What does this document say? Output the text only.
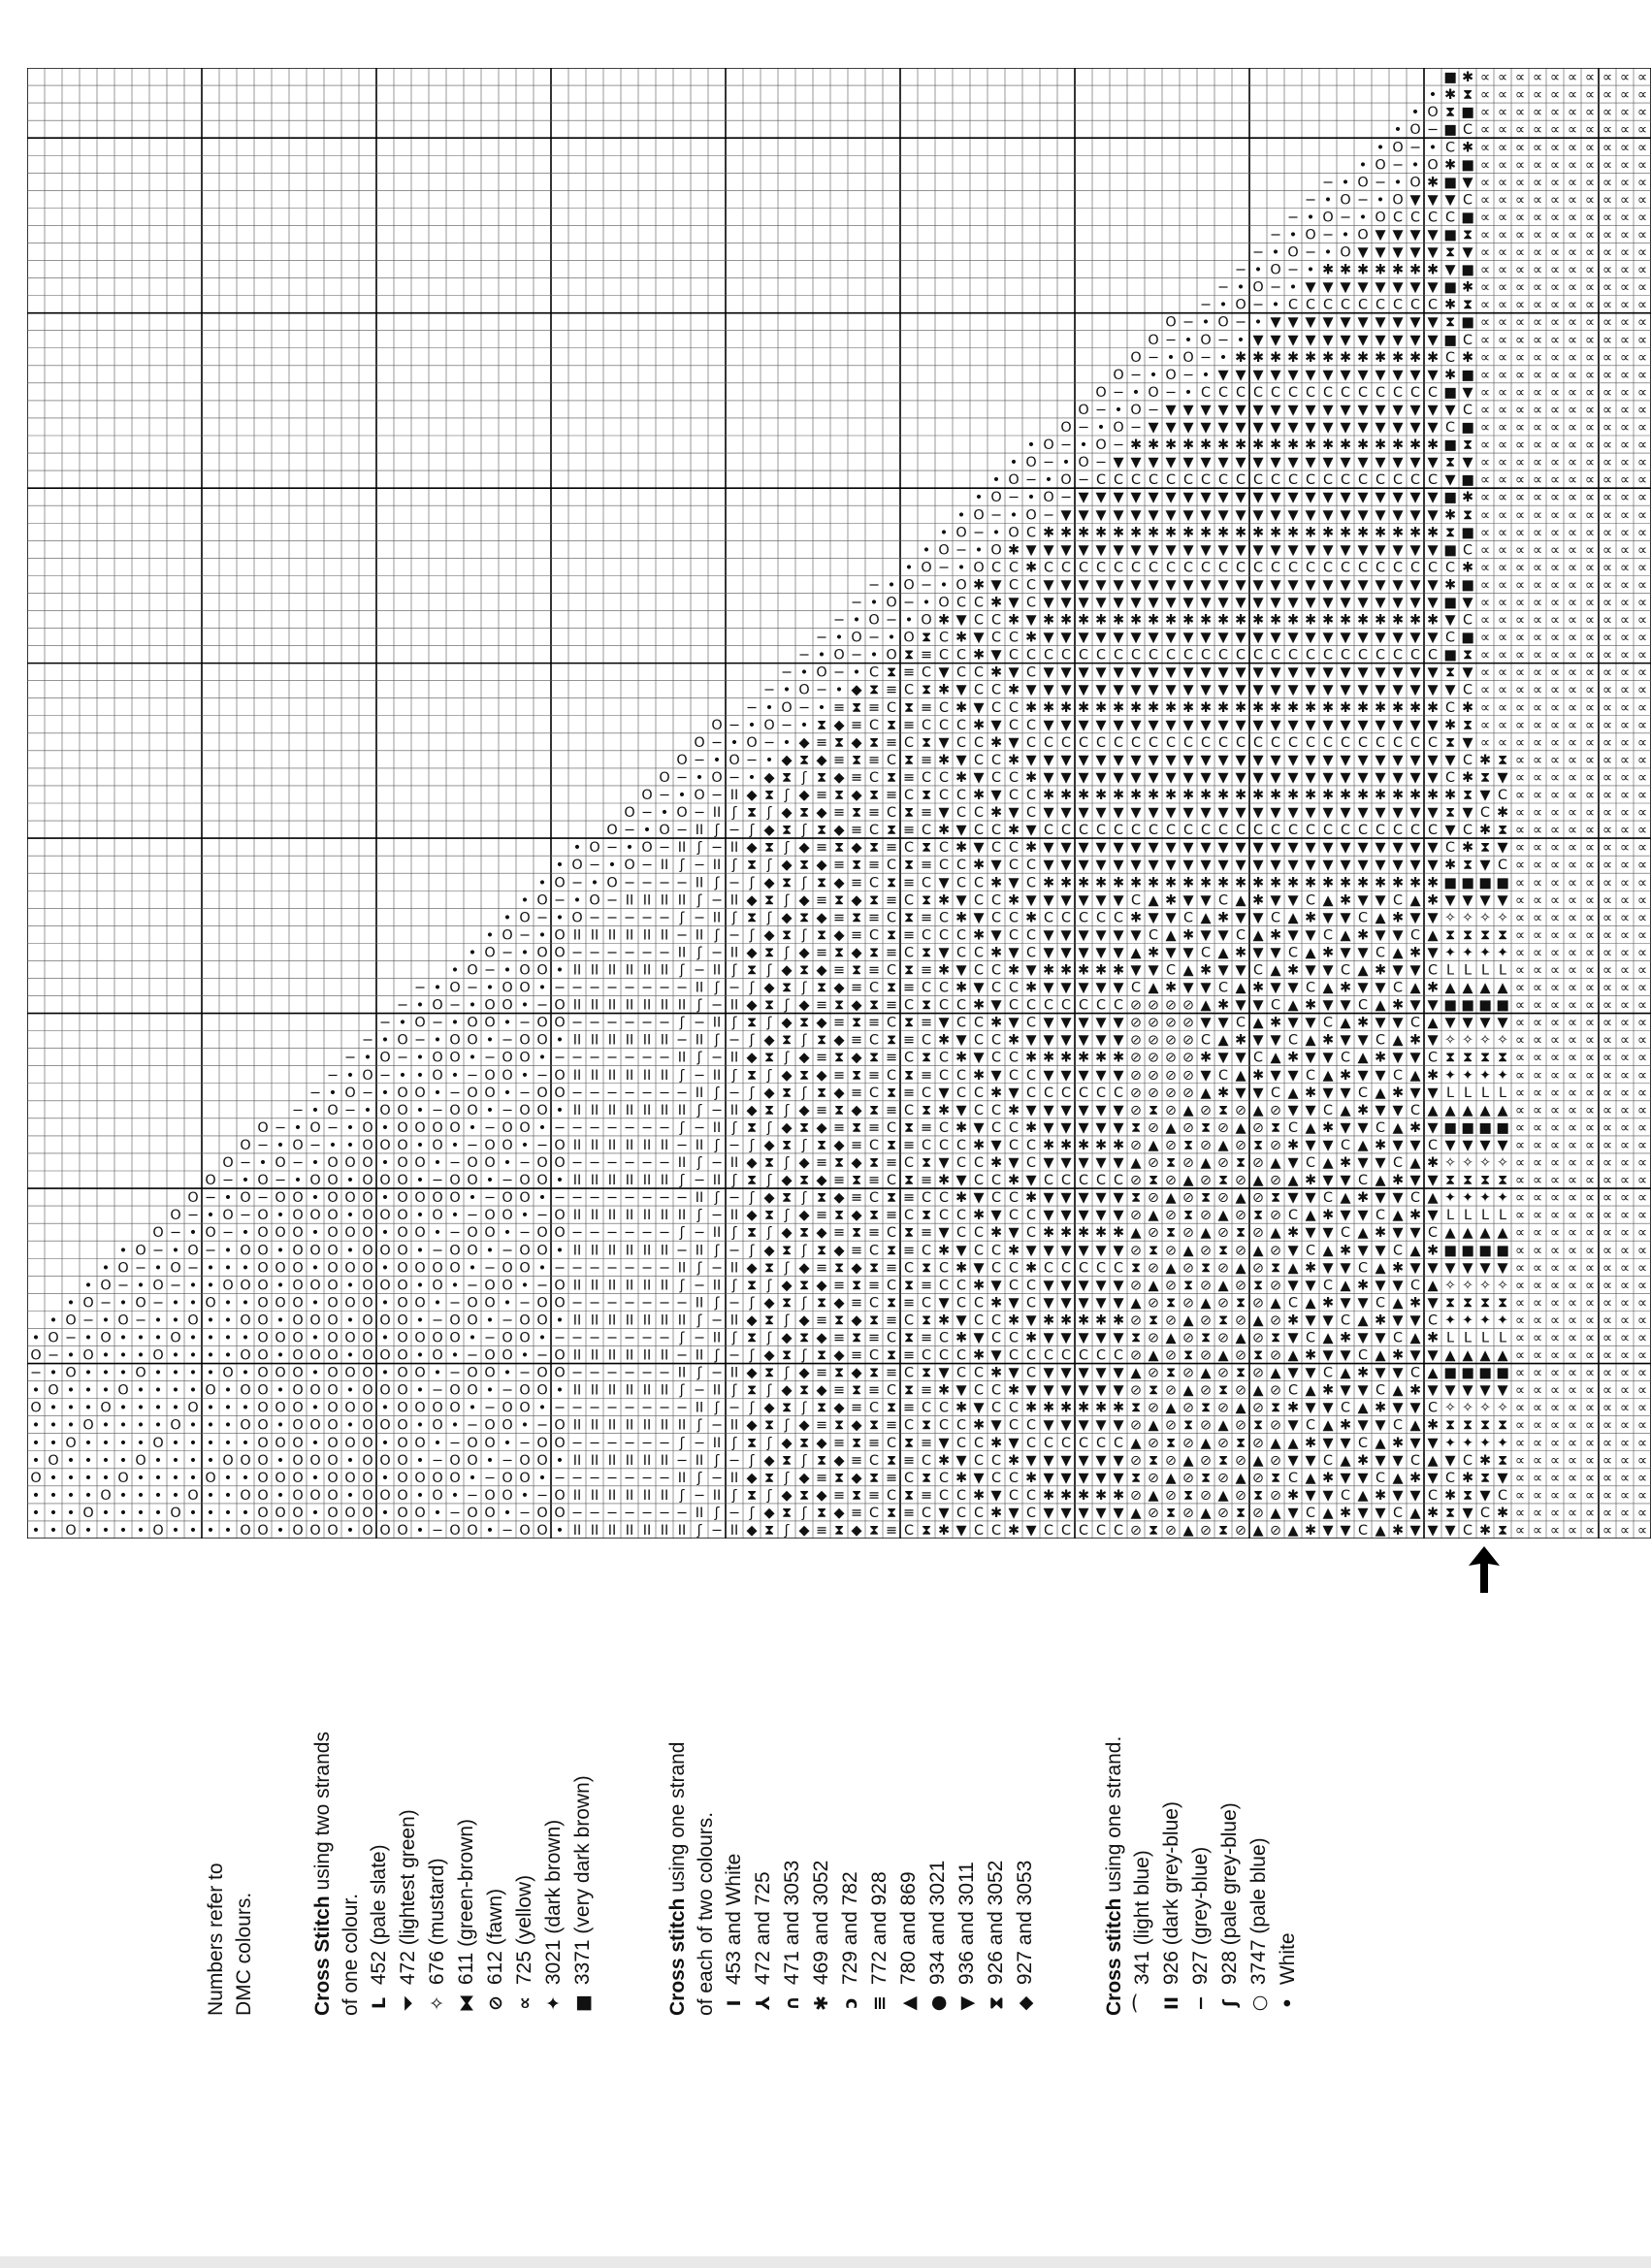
■ ✱ ∝ ∝ ∝ ∝ ∝ ∝ ∝ ∝ ∝ ∝
• ✱ ⧗ ∝ ∝ ∝ ∝ ∝ ∝ ∝ ∝ ∝ ∝
• O ⧗ ■ ∝ ∝ ∝ ∝ ∝ ∝ ∝ ∝ ∝ ∝
• O − ■ C ∝ ∝ ∝ ∝ ∝ ∝ ∝ ∝ ∝ ∝
• O − • C ✱ ∝ ∝ ∝ ∝ ∝ ∝ ∝ ∝ ∝ ∝
• O − • O ✱ ■ ∝ ∝ ∝ ∝ ∝ ∝ ∝ ∝ ∝ ∝
− • O − • O ✱ ■ ▼ ∝ ∝ ∝ ∝ ∝ ∝ ∝ ∝ ∝ ∝
− • O − • O ▼ ▼ ▼ C ∝ ∝ ∝ ∝ ∝ ∝ ∝ ∝ ∝ ∝
− • O − • O C C C C ■ ∝ ∝ ∝ ∝ ∝ ∝ ∝ ∝ ∝ ∝
− • O − • O ▼ ▼ ▼ ▼ ■ ⧗ ∝ ∝ ∝ ∝ ∝ ∝ ∝ ∝ ∝ ∝
− • O − • O ▼ ▼ ▼ ▼ ▼ ⧗ ▼ ∝ ∝ ∝ ∝ ∝ ∝ ∝ ∝ ∝ ∝
− • O − • ✱ ✱ ✱ ✱ ✱ ✱ ✱ ▼ ■ ∝ ∝ ∝ ∝ ∝ ∝ ∝ ∝ ∝ ∝
− • O − • ▼ ▼ ▼ ▼ ▼ ▼ ▼ ▼ ■ ✱ ∝ ∝ ∝ ∝ ∝ ∝ ∝ ∝ ∝ ∝
− • O − • C C C C C C C C C ✱ ⧗ ∝ ∝ ∝ ∝ ∝ ∝ ∝ ∝ ∝ ∝
O − • O − • ▼ ▼ ▼ ▼ ▼ ▼ ▼ ▼ ▼ ▼ ⧗ ■ ∝ ∝ ∝ ∝ ∝ ∝ ∝ ∝ ∝ ∝
O − • O − • ▼ ▼ ▼ ▼ ▼ ▼ ▼ ▼ ▼ ▼ ▼ ■ C ∝ ∝ ∝ ∝ ∝ ∝ ∝ ∝ ∝ ∝
O − • O − • ✱ ✱ ✱ ✱ ✱ ✱ ✱ ✱ ✱ ✱ ✱ ✱ C ✱ ∝ ∝ ∝ ∝ ∝ ∝ ∝ ∝ ∝ ∝
O − • O − • ▼ ▼ ▼ ▼ ▼ ▼ ▼ ▼ ▼ ▼ ▼ ▼ ▼ ✱ ■ ∝ ∝ ∝ ∝ ∝ ∝ ∝ ∝ ∝ ∝
O − • O − • C C C C C C C C C C C C C C ■ ▼ ∝ ∝ ∝ ∝ ∝ ∝ ∝ ∝ ∝ ∝
O − • O − ▼ ▼ ▼ ▼ ▼ ▼ ▼ ▼ ▼ ▼ ▼ ▼ ▼ ▼ ▼ ▼ ▼ C ∝ ∝ ∝ ∝ ∝ ∝ ∝ ∝ ∝ ∝
O − • O − ▼ ▼ ▼ ▼ ▼ ▼ ▼ ▼ ▼ ▼ ▼ ▼ ▼ ▼ ▼ ▼ ▼ C ■ ∝ ∝ ∝ ∝ ∝ ∝ ∝ ∝ ∝ ∝
• O − • O − ✱ ✱ ✱ ✱ ✱ ✱ ✱ ✱ ✱ ✱ ✱ ✱ ✱ ✱ ✱ ✱ ✱ ✱ ■ ⧗ ∝ ∝ ∝ ∝ ∝ ∝ ∝ ∝ ∝ ∝
• O − • O − ▼ ▼ ▼ ▼ ▼ ▼ ▼ ▼ ▼ ▼ ▼ ▼ ▼ ▼ ▼ ▼ ▼ ▼ ▼ ⧗ ▼ ∝ ∝ ∝ ∝ ∝ ∝ ∝ ∝ ∝ ∝
• O − • O − C C C C C C C C C C C C C C C C C C C C ▼ ■ ∝ ∝ ∝ ∝ ∝ ∝ ∝ ∝ ∝ ∝
• O − • O − ▼ ▼ ▼ ▼ ▼ ▼ ▼ ▼ ▼ ▼ ▼ ▼ ▼ ▼ ▼ ▼ ▼ ▼ ▼ ▼ ▼ ■ ✱ ∝ ∝ ∝ ∝ ∝ ∝ ∝ ∝ ∝ ∝
• O − • O − ▼ ▼ ▼ ▼ ▼ ▼ ▼ ▼ ▼ ▼ ▼ ▼ ▼ ▼ ▼ ▼ ▼ ▼ ▼ ▼ ▼ ▼ ✱ ⧗ ∝ ∝ ∝ ∝ ∝ ∝ ∝ ∝ ∝ ∝
• O − • O C ✱ ✱ ✱ ✱ ✱ ✱ ✱ ✱ ✱ ✱ ✱ ✱ ✱ ✱ ✱ ✱ ✱ ✱ ✱ ✱ ✱ ✱ ✱ ⧗ ■ ∝ ∝ ∝ ∝ ∝ ∝ ∝ ∝ ∝ ∝
• O − • O ✱ ▼ ▼ ▼ ▼ ▼ ▼ ▼ ▼ ▼ ▼ ▼ ▼ ▼ ▼ ▼ ▼ ▼ ▼ ▼ ▼ ▼ ▼ ▼ ▼ ■ C ∝ ∝ ∝ ∝ ∝ ∝ ∝ ∝ ∝ ∝
• O − • O C C ✱ C C C C C C C C C C C C C C C C C C C C C C C C ✱ ∝ ∝ ∝ ∝ ∝ ∝ ∝ ∝ ∝ ∝
− • O − • O ✱ ▼ C C ▼ ▼ ▼ ▼ ▼ ▼ ▼ ▼ ▼ ▼ ▼ ▼ ▼ ▼ ▼ ▼ ▼ ▼ ▼ ▼ ▼ ▼ ▼ ✱ ■ ∝ ∝ ∝ ∝ ∝ ∝ ∝ ∝ ∝ ∝
− • O − • O C C ✱ ▼ C ▼ ▼ ▼ ▼ ▼ ▼ ▼ ▼ ▼ ▼ ▼ ▼ ▼ ▼ ▼ ▼ ▼ ▼ ▼ ▼ ▼ ▼ ▼ ■ ▼ ∝ ∝ ∝ ∝ ∝ ∝ ∝ ∝ ∝ ∝
− • O − • O ✱ ▼ C C ✱ ▼ ✱ ✱ ✱ ✱ ✱ ✱ ✱ ✱ ✱ ✱ ✱ ✱ ✱ ✱ ✱ ✱ ✱ ✱ ✱ ✱ ✱ ✱ ✱ ▼ C ∝ ∝ ∝ ∝ ∝ ∝ ∝ ∝ ∝ ∝
− • O − • O ⧗ C ✱ ▼ C C ✱ ▼ ▼ ▼ ▼ ▼ ▼ ▼ ▼ ▼ ▼ ▼ ▼ ▼ ▼ ▼ ▼ ▼ ▼ ▼ ▼ ▼ ▼ ▼ C ■ ∝ ∝ ∝ ∝ ∝ ∝ ∝ ∝ ∝ ∝
− • O − • O ⧗ ≡ C C ✱ ▼ C C C C C C C C C C C C C C C C C C C C C C C C C ■ ⧗ ∝ ∝ ∝ ∝ ∝ ∝ ∝ ∝ ∝ ∝
− • O − • C ⧗ ≡ C ▼ C C ✱ ▼ C ▼ ▼ ▼ ▼ ▼ ▼ ▼ ▼ ▼ ▼ ▼ ▼ ▼ ▼ ▼ ▼ ▼ ▼ ▼ ▼ ▼ ▼ ▼ ⧗ ▼ ∝ ∝ ∝ ∝ ∝ ∝ ∝ ∝ ∝ ∝
− • O − • ◆ ⧗ ≡ C ⧗ ✱ ▼ C C ✱ ▼ ▼ ▼ ▼ ▼ ▼ ▼ ▼ ▼ ▼ ▼ ▼ ▼ ▼ ▼ ▼ ▼ ▼ ▼ ▼ ▼ ▼ ▼ ▼ ▼ C ∝ ∝ ∝ ∝ ∝ ∝ ∝ ∝ ∝ ∝
− • O − • ≡ ⧗ ≡ C ⧗ ≡ C ✱ ▼ C C ✱ ✱ ✱ ✱ ✱ ✱ ✱ ✱ ✱ ✱ ✱ ✱ ✱ ✱ ✱ ✱ ✱ ✱ ✱ ✱ ✱ ✱ ✱ ✱ C ✱ ∝ ∝ ∝ ∝ ∝ ∝ ∝ ∝ ∝ ∝
O − • O − • ⧗ ◆ ≡ C ⧗ ≡ C C C ✱ ▼ C C ▼ ▼ ▼ ▼ ▼ ▼ ▼ ▼ ▼ ▼ ▼ ▼ ▼ ▼ ▼ ▼ ▼ ▼ ▼ ▼ ▼ ▼ ▼ ✱ ⧗ ∝ ∝ ∝ ∝ ∝ ∝ ∝ ∝ ∝ ∝
O − • O − • ◆ ≡ ⧗ ◆ ⧗ ≡ C ⧗ ▼ C C ✱ ▼ C C C C C C C C C C C C C C C C C C C C C C C C ⧗ ▼ ∝ ∝ ∝ ∝ ∝ ∝ ∝ ∝ ∝ ∝
O − • O − • ◆ ⧗ ◆ ≡ ⧗ ≡ C ⧗ ≡ ✱ ▼ C C ✱ ▼ ▼ ▼ ▼ ▼ ▼ ▼ ▼ ▼ ▼ ▼ ▼ ▼ ▼ ▼ ▼ ▼ ▼ ▼ ▼ ▼ ▼ ▼ ▼ ▼ C ✱ ⧗ ∝ ∝ ∝ ∝ ∝ ∝ ∝ ∝
O − • O − • ◆ ⧗ ʃ ⧗ ◆ ≡ C ⧗ ≡ C C ✱ ▼ C C ✱ ▼ ▼ ▼ ▼ ▼ ▼ ▼ ▼ ▼ ▼ ▼ ▼ ▼ ▼ ▼ ▼ ▼ ▼ ▼ ▼ ▼ ▼ ▼ C ✱ ⧗ ▼ ∝ ∝ ∝ ∝ ∝ ∝ ∝ ∝
O − • O − II ◆ ⧗ ʃ ◆ ≡ ⧗ ◆ ⧗ ≡ C ⧗ C C ✱ ▼ C C ✱ ✱ ✱ ✱ ✱ ✱ ✱ ✱ ✱ ✱ ✱ ✱ ✱ ✱ ✱ ✱ ✱ ✱ ✱ ✱ ✱ ✱ ✱ ✱ ⧗ ▼ C ∝ ∝ ∝ ∝ ∝ ∝ ∝ ∝
O − • O − II ʃ ⧗ ʃ ◆ ⧗ ◆ ≡ ⧗ ≡ C ⧗ ≡ ▼ C C ✱ ▼ C ▼ ▼ ▼ ▼ ▼ ▼ ▼ ▼ ▼ ▼ ▼ ▼ ▼ ▼ ▼ ▼ ▼ ▼ ▼ ▼ ▼ ▼ ▼ ⧗ ▼ C ✱ ∝ ∝ ∝ ∝ ∝ ∝ ∝ ∝
O − • O − II ʃ − ʃ ◆ ⧗ ʃ ⧗ ◆ ≡ C ⧗ ≡ C ✱ ▼ C C ✱ ▼ C C C C C C C C C C C C C C C C C C C C C C C ▼ C ✱ ⧗ ∝ ∝ ∝ ∝ ∝ ∝ ∝ ∝
• O − • O − II ʃ − II ◆ ⧗ ʃ ◆ ≡ ⧗ ◆ ⧗ ≡ C ⧗ C ✱ ▼ C C ✱ ▼ ▼ ▼ ▼ ▼ ▼ ▼ ▼ ▼ ▼ ▼ ▼ ▼ ▼ ▼ ▼ ▼ ▼ ▼ ▼ ▼ ▼ ▼ C ✱ ⧗ ▼ ∝ ∝ ∝ ∝ ∝ ∝ ∝ ∝
• O − • O − II ʃ − II ʃ ⧗ ʃ ◆ ⧗ ◆ ≡ ⧗ ≡ C ⧗ ≡ C C ✱ ▼ C C ▼ ▼ ▼ ▼ ▼ ▼ ▼ ▼ ▼ ▼ ▼ ▼ ▼ ▼ ▼ ▼ ▼ ▼ ▼ ▼ ▼ ▼ ▼ ✱ ⧗ ▼ C ∝ ∝ ∝ ∝ ∝ ∝ ∝ ∝
• O − • O − − − − II ʃ − ʃ ◆ ⧗ ʃ ⧗ ◆ ≡ C ⧗ ≡ C ▼ C C ✱ ▼ C ✱ ✱ ✱ ✱ ✱ ✱ ✱ ✱ ✱ ✱ ✱ ✱ ✱ ✱ ✱ ✱ ✱ ✱ ✱ ✱ ✱ ✱ ✱ ■ ■ ■ ■ ∝ ∝ ∝ ∝ ∝ ∝ ∝ ∝
• O − • O − II II II II ʃ − II ◆ ⧗ ʃ ◆ ≡ ⧗ ◆ ⧗ ≡ C ⧗ ✱ ▼ C C ✱ ▼ ▼ ▼ ▼ ▼ ▼ C ▲ ✱ ▼ ▼ C ▲ ✱ ▼ ▼ C ▲ ✱ ▼ ▼ C ▲ ✱ ▼ ▼ ▼ ▼ ∝ ∝ ∝ ∝ ∝ ∝ ∝ ∝
• O − • O − − − − − ʃ − II ʃ ⧗ ʃ ◆ ⧗ ◆ ≡ ⧗ ≡ C ⧗ ≡ C ✱ ▼ C C ✱ C C C C C ✱ ▼ ▼ C ▲ ✱ ▼ ▼ C ▲ ✱ ▼ ▼ C ▲ ✱ ▼ ▼ ✧ ✧ ✧ ✧ ∝ ∝ ∝ ∝ ∝ ∝ ∝ ∝
• O − • O II II II II II II − II ʃ − ʃ ◆ ⧗ ʃ ⧗ ◆ ≡ C ⧗ ≡ C C C ✱ ▼ C C ▼ ▼ ▼ ▼ ▼ ▼ C ▲ ✱ ▼ ▼ C ▲ ✱ ▼ ▼ C ▲ ✱ ▼ ▼ C ▲ ⧗ ⧗ ⧗ ⧗ ∝ ∝ ∝ ∝ ∝ ∝ ∝ ∝
• O − • O O − − − − − − II ʃ − II ◆ ⧗ ʃ ◆ ≡ ⧗ ◆ ⧗ ≡ C ⧗ ▼ C C ✱ ▼ C ▼ ▼ ▼ ▼ ▼ ▲ ✱ ▼ ▼ C ▲ ✱ ▼ ▼ C ▲ ✱ ▼ ▼ C ▲ ✱ ▼ ✦ ✦ ✦ ✦ ∝ ∝ ∝ ∝ ∝ ∝ ∝ ∝
• O − • O O • II II II II II II ʃ − II ʃ ⧗ ʃ ◆ ⧗ ◆ ≡ ⧗ ≡ C ⧗ ≡ ✱ ▼ C C ✱ ▼ ✱ ✱ ✱ ✱ ✱ ▼ ▼ C ▲ ✱ ▼ ▼ C ▲ ✱ ▼ ▼ C ▲ ✱ ▼ ▼ C L L L L ∝ ∝ ∝ ∝ ∝ ∝ ∝ ∝
− • O − • O O • − − − − − − − − II ʃ − ʃ ◆ ⧗ ʃ ⧗ ◆ ≡ C ⧗ ≡ C C ✱ ▼ C C ✱ ▼ ▼ ▼ ▼ ▼ C ▲ ✱ ▼ ▼ C ▲ ✱ ▼ ▼ C ▲ ✱ ▼ ▼ C ▲ ✱ ▲ ▲ ▲ ▲ ∝ ∝ ∝ ∝ ∝ ∝ ∝ ∝
− • O − • O O • − O II II II II II II II ʃ − II ◆ ⧗ ʃ ◆ ≡ ⧗ ◆ ⧗ ≡ C ⧗ C C ✱ ▼ C C C C C C C ⊘ ⊘ ⊘ ⊘ ▲ ✱ ▼ ▼ C ▲ ✱ ▼ ▼ C ▲ ✱ ▼ ▼ ■ ■ ■ ■ ∝ ∝ ∝ ∝ ∝ ∝ ∝ ∝
− • O − • O O • − O O − − − − − − ʃ − II ʃ ⧗ ʃ ◆ ⧗ ◆ ≡ ⧗ ≡ C ⧗ ≡ ▼ C C ✱ ▼ C ▼ ▼ ▼ ▼ ▼ ⊘ ⊘ ⊘ ⊘ ▼ ▼ C ▲ ✱ ▼ ▼ C ▲ ✱ ▼ ▼ C ▲ ▼ ▼ ▼ ▼ ∝ ∝ ∝ ∝ ∝ ∝ ∝ ∝
− • O − • O O • − O O • II II II II II II − II ʃ − ʃ ◆ ⧗ ʃ ⧗ ◆ ≡ C ⧗ ≡ C ✱ ▼ C C ✱ ▼ ▼ ▼ ▼ ▼ ▼ ⊘ ⊘ ⊘ ⊘ C ▲ ✱ ▼ ▼ C ▲ ✱ ▼ ▼ C ▲ ✱ ▼ ✧ ✧ ✧ ✧ ∝ ∝ ∝ ∝ ∝ ∝ ∝ ∝
− • O − • O O • − O O • − − − − − − − II ʃ − II ◆ ⧗ ʃ ◆ ≡ ⧗ ◆ ⧗ ≡ C ⧗ C ✱ ▼ C C ✱ ✱ ✱ ✱ ✱ ✱ ⊘ ⊘ ⊘ ⊘ ✱ ▼ ▼ C ▲ ✱ ▼ ▼ C ▲ ✱ ▼ ▼ C ⧗ ⧗ ⧗ ⧗ ∝ ∝ ∝ ∝ ∝ ∝ ∝ ∝
− • O − • • O • − O O • − O II II II II II II ʃ − II ʃ ⧗ ʃ ◆ ⧗ ◆ ≡ ⧗ ≡ C ⧗ ≡ C C ✱ ▼ C C ▼ ▼ ▼ ▼ ▼ ⊘ ⊘ ⊘ ⊘ ▼ C ▲ ✱ ▼ ▼ C ▲ ✱ ▼ ▼ C ▲ ✱ ✦ ✦ ✦ ✦ ∝ ∝ ∝ ∝ ∝ ∝ ∝ ∝
− • O − • O O • − O O • − O O − − − − − − − II ʃ − ʃ ◆ ⧗ ʃ ⧗ ◆ ≡ C ⧗ ≡ C ▼ C C ✱ ▼ C C C C C C ⊘ ⊘ ⊘ ⊘ ▲ ✱ ▼ ▼ C ▲ ✱ ▼ ▼ C ▲ ✱ ▼ ▼ L L L L ∝ ∝ ∝ ∝ ∝ ∝ ∝ ∝
− • O − • O O • − O O • − O O • II II II II II II II ʃ − II ◆ ⧗ ʃ ◆ ≡ ⧗ ◆ ⧗ ≡ C ⧗ ✱ ▼ C C ✱ ▼ ▼ ▼ ▼ ▼ ▼ ⊘ ⧗ ⊘ ▲ ⊘ ⧗ ⊘ ▲ ⊘ ▼ ▼ C ▲ ✱ ▼ ▼ C ▲ ▲ ▲ ▲ ▲ ∝ ∝ ∝ ∝ ∝ ∝ ∝ ∝
O − • O − • O • O O O O • − O O • − − − − − − − ʃ − II ʃ ⧗ ʃ ◆ ⧗ ◆ ≡ ⧗ ≡ C ⧗ ≡ C ✱ ▼ C C ✱ ▼ ▼ ▼ ▼ ▼ ⧗ ⊘ ▲ ⊘ ⧗ ⊘ ▲ ⊘ ⧗ C ▲ ✱ ▼ ▼ C ▲ ✱ ▼ ■ ■ ■ ■ ∝ ∝ ∝ ∝ ∝ ∝ ∝ ∝
O − • O − • • O O O • O • − O O • − O II II II II II II − II ʃ − ʃ ◆ ⧗ ʃ ⧗ ◆ ≡ C ⧗ ≡ C C C ✱ ▼ C C ✱ ✱ ✱ ✱ ✱ ⊘ ▲ ⊘ ⧗ ⊘ ▲ ⊘ ⧗ ⊘ ✱ ▼ ▼ C ▲ ✱ ▼ ▼ C ▼ ▼ ▼ ▼ ∝ ∝ ∝ ∝ ∝ ∝ ∝ ∝
O − • O − • O O O • O O • − O O • − O O − − − − − − II ʃ − II ◆ ⧗ ʃ ◆ ≡ ⧗ ◆ ⧗ ≡ C ⧗ ▼ C C ✱ ▼ C ▼ ▼ ▼ ▼ ▼ ▲ ⊘ ⧗ ⊘ ▲ ⊘ ⧗ ⊘ ▲ ▼ C ▲ ✱ ▼ ▼ C ▲ ✱ ✧ ✧ ✧ ✧ ∝ ∝ ∝ ∝ ∝ ∝ ∝ ∝
O − • O − • O O • O O O • − O O • − O O • II II II II II II ʃ − II ʃ ⧗ ʃ ◆ ⧗ ◆ ≡ ⧗ ≡ C ⧗ ≡ ✱ ▼ C C ✱ ▼ C C C C C ⊘ ⧗ ⊘ ▲ ⊘ ⧗ ⊘ ▲ ⊘ ▲ ✱ ▼ ▼ C ▲ ✱ ▼ ▼ ⧗ ⧗ ⧗ ⧗ ∝ ∝ ∝ ∝ ∝ ∝ ∝ ∝
O − • O − O O • O O O • O O O O • − O O • − − − − − − − − II ʃ − ʃ ◆ ⧗ ʃ ⧗ ◆ ≡ C ⧗ ≡ C C ✱ ▼ C C ✱ ▼ ▼ ▼ ▼ ▼ ⧗ ⊘ ▲ ⊘ ⧗ ⊘ ▲ ⊘ ⧗ ▼ ▼ C ▲ ✱ ▼ ▼ C ▲ ✦ ✦ ✦ ✦ ∝ ∝ ∝ ∝ ∝ ∝ ∝ ∝
O − • O − O • O O O • O O O • O • − O O • − O II II II II II II II ʃ − II ◆ ⧗ ʃ ◆ ≡ ⧗ ◆ ⧗ ≡ C ⧗ C C ✱ ▼ C C ▼ ▼ ▼ ▼ ▼ ⊘ ▲ ⊘ ⧗ ⊘ ▲ ⊘ ⧗ ⊘ C ▲ ✱ ▼ ▼ C ▲ ✱ ▼ L L L L ∝ ∝ ∝ ∝ ∝ ∝ ∝ ∝
O − • O − • O O O • O O O • O O • − O O • − O O − − − − − − ʃ − II ʃ ⧗ ʃ ◆ ⧗ ◆ ≡ ⧗ ≡ C ⧗ ≡ ▼ C C ✱ ▼ C ✱ ✱ ✱ ✱ ✱ ▲ ⊘ ⧗ ⊘ ▲ ⊘ ⧗ ⊘ ▲ ✱ ▼ ▼ C ▲ ✱ ▼ ▼ C ▲ ▲ ▲ ▲ ∝ ∝ ∝ ∝ ∝ ∝ ∝ ∝
• O − • O − • O O • O O O • O O O • − O O • − O O • II II II II II II − II ʃ − ʃ ◆ ⧗ ʃ ⧗ ◆ ≡ C ⧗ ≡ C ✱ ▼ C C ✱ ▼ ▼ ▼ ▼ ▼ ▼ ⊘ ⧗ ⊘ ▲ ⊘ ⧗ ⊘ ▲ ⊘ ▼ C ▲ ✱ ▼ ▼ C ▲ ✱ ■ ■ ■ ■ ∝ ∝ ∝ ∝ ∝ ∝ ∝ ∝
• O − • O − • • • O O O • O O O • O O O O • − O O • − − − − − − − II ʃ − II ◆ ⧗ ʃ ◆ ≡ ⧗ ◆ ⧗ ≡ C ⧗ C ✱ ▼ C C ✱ C C C C C ⧗ ⊘ ▲ ⊘ ⧗ ⊘ ▲ ⊘ ⧗ ▲ ✱ ▼ ▼ C ▲ ✱ ▼ ▼ ▼ ▼ ▼ ▼ ∝ ∝ ∝ ∝ ∝ ∝ ∝ ∝
• O − • O − • • O O O • O O O • O O O • O • − O O • − O II II II II II II ʃ − II ʃ ⧗ ʃ ◆ ⧗ ◆ ≡ ⧗ ≡ C ⧗ ≡ C C ✱ ▼ C C ▼ ▼ ▼ ▼ ▼ ⊘ ▲ ⊘ ⧗ ⊘ ▲ ⊘ ⧗ ⊘ ▼ ▼ C ▲ ✱ ▼ ▼ C ▲ ✧ ✧ ✧ ✧ ∝ ∝ ∝ ∝ ∝ ∝ ∝ ∝
• O − • O − • • O • • O O O • O O O • O O • − O O • − O O − − − − − − − II ʃ − ʃ ◆ ⧗ ʃ ⧗ ◆ ≡ C ⧗ ≡ C ▼ C C ✱ ▼ C ▼ ▼ ▼ ▼ ▼ ▲ ⊘ ⧗ ⊘ ▲ ⊘ ⧗ ⊘ ▲ C ▲ ✱ ▼ ▼ C ▲ ✱ ▼ ⧗ ⧗ ⧗ ⧗ ∝ ∝ ∝ ∝ ∝ ∝ ∝ ∝
• O − • O − • • O • • O O • O O O • O O O • − O O • − O O • II II II II II II II ʃ − II ◆ ⧗ ʃ ◆ ≡ ⧗ ◆ ⧗ ≡ C ⧗ ✱ ▼ C C ✱ ▼ ✱ ✱ ✱ ✱ ✱ ⊘ ⧗ ⊘ ▲ ⊘ ⧗ ⊘ ▲ ⊘ ✱ ▼ ▼ C ▲ ✱ ▼ ▼ C ✦ ✦ ✦ ✦ ∝ ∝ ∝ ∝ ∝ ∝ ∝ ∝
• O − • O • • • O • • • • O O O • O O O • O O O O • − O O • − − − − − − − ʃ − II ʃ ⧗ ʃ ◆ ⧗ ◆ ≡ ⧗ ≡ C ⧗ ≡ C ✱ ▼ C C ✱ ▼ ▼ ▼ ▼ ▼ ⧗ ⊘ ▲ ⊘ ⧗ ⊘ ▲ ⊘ ⧗ ▼ C ▲ ✱ ▼ ▼ C ▲ ✱ L L L L ∝ ∝ ∝ ∝ ∝ ∝ ∝ ∝
O − • O • • • O • • • • O O • O O O • O O O • O • − O O • − O II II II II II II − II ʃ − ʃ ◆ ⧗ ʃ ⧗ ◆ ≡ C ⧗ ≡ C C C ✱ ▼ C C C C C C C ⊘ ▲ ⊘ ⧗ ⊘ ▲ ⊘ ⧗ ⊘ ▲ ✱ ▼ ▼ C ▲ ✱ ▼ ▼ ▲ ▲ ▲ ▲ ∝ ∝ ∝ ∝ ∝ ∝ ∝ ∝
− • O • • • O • • • • O • O O O • O O O • O O • − O O • − O O − − − − − − II ʃ − II ◆ ⧗ ʃ ◆ ≡ ⧗ ◆ ⧗ ≡ C ⧗ ▼ C C ✱ ▼ C ▼ ▼ ▼ ▼ ▼ ▲ ⊘ ⧗ ⊘ ▲ ⊘ ⧗ ⊘ ▲ ▼ ▼ C ▲ ✱ ▼ ▼ C ▲ ■ ■ ■ ■ ∝ ∝ ∝ ∝ ∝ ∝ ∝ ∝
• O • • • O • • • • O • O O • O O O • O O O • − O O • − O O • II II II II II II ʃ − II ʃ ⧗ ʃ ◆ ⧗ ◆ ≡ ⧗ ≡ C ⧗ ≡ ✱ ▼ C C ✱ ▼ ▼ ▼ ▼ ▼ ▼ ⊘ ⧗ ⊘ ▲ ⊘ ⧗ ⊘ ▲ ⊘ C ▲ ✱ ▼ ▼ C ▲ ✱ ▼ ▼ ▼ ▼ ▼ ∝ ∝ ∝ ∝ ∝ ∝ ∝ ∝
O • • • O • • • • O • • • O O O • O O O • O O O O • − O O • − − − − − − − − II ʃ − ʃ ◆ ⧗ ʃ ⧗ ◆ ≡ C ⧗ ≡ C C ✱ ▼ C C ✱ ✱ ✱ ✱ ✱ ✱ ⧗ ⊘ ▲ ⊘ ⧗ ⊘ ▲ ⊘ ⧗ ✱ ▼ ▼ C ▲ ✱ ▼ ▼ C ✧ ✧ ✧ ✧ ∝ ∝ ∝ ∝ ∝ ∝ ∝ ∝
• • • O • • • • O • • • O O • O O O • O O O • O • − O O • − O II II II II II II II ʃ − II ◆ ⧗ ʃ ◆ ≡ ⧗ ◆ ⧗ ≡ C ⧗ C C ✱ ▼ C C ▼ ▼ ▼ ▼ ▼ ⊘ ▲ ⊘ ⧗ ⊘ ▲ ⊘ ⧗ ⊘ ▼ C ▲ ✱ ▼ ▼ C ▲ ✱ ⧗ ⧗ ⧗ ⧗ ∝ ∝ ∝ ∝ ∝ ∝ ∝ ∝
• • O • • • • O • • • • • O O O • O O O • O O • − O O • − O O − − − − − − ʃ − II ʃ ⧗ ʃ ◆ ⧗ ◆ ≡ ⧗ ≡ C ⧗ ≡ ▼ C C ✱ ▼ C C C C C C ▲ ⊘ ⧗ ⊘ ▲ ⊘ ⧗ ⊘ ▲ ▲ ✱ ▼ ▼ C ▲ ✱ ▼ ▼ ✦ ✦ ✦ ✦ ∝ ∝ ∝ ∝ ∝ ∝ ∝ ∝
• O • • • • O • • • • O O O • O O O • O O O • − O O • − O O • II II II II II II − II ʃ − ʃ ◆ ⧗ ʃ ⧗ ◆ ≡ C ⧗ ≡ C ✱ ▼ C C ✱ ▼ ▼ ▼ ▼ ▼ ▼ ⊘ ⧗ ⊘ ▲ ⊘ ⧗ ⊘ ▲ ⊘ ▼ ▼ C ▲ ✱ ▼ ▼ C ▲ ▼ C ✱ ⧗ ∝ ∝ ∝ ∝ ∝ ∝ ∝ ∝
O • • • • O • • • • O • • O O O • O O O • O O O O • − O O • − − − − − − − II ʃ − II ◆ ⧗ ʃ ◆ ≡ ⧗ ◆ ⧗ ≡ C ⧗ C ✱ ▼ C C ✱ ▼ ▼ ▼ ▼ ▼ ⧗ ⊘ ▲ ⊘ ⧗ ⊘ ▲ ⊘ ⧗ C ▲ ✱ ▼ ▼ C ▲ ✱ ▼ C ✱ ⧗ ▼ ∝ ∝ ∝ ∝ ∝ ∝ ∝ ∝
• • • • O • • • • O • • O O • O O O • O O O • O • − O O • − O II II II II II II ʃ − II ʃ ⧗ ʃ ◆ ⧗ ◆ ≡ ⧗ ≡ C ⧗ ≡ C C ✱ ▼ C C ✱ ✱ ✱ ✱ ✱ ⊘ ▲ ⊘ ⧗ ⊘ ▲ ⊘ ⧗ ⊘ ✱ ▼ ▼ C ▲ ✱ ▼ ▼ C ✱ ⧗ ▼ C ∝ ∝ ∝ ∝ ∝ ∝ ∝ ∝
• • • O • • • • O • • • • O O O • O O O • O O • − O O • − O O − − − − − − − II ʃ − ʃ ◆ ⧗ ʃ ⧗ ◆ ≡ C ⧗ ≡ C ▼ C C ✱ ▼ C ▼ ▼ ▼ ▼ ▼ ▲ ⊘ ⧗ ⊘ ▲ ⊘ ⧗ ⊘ ▲ ▼ C ▲ ✱ ▼ ▼ C ▲ ✱ ⧗ ▼ C ✱ ∝ ∝ ∝ ∝ ∝ ∝ ∝ ∝
• • O • • • • O • • • • O O • O O O • O O O • − O O • − O O • II II II II II II II ʃ − II ◆ ⧗ ʃ ◆ ≡ ⧗ ◆ ⧗ ≡ C ⧗ ✱ ▼ C C ✱ ▼ C C C C C ⊘ ⧗ ⊘ ▲ ⊘ ⧗ ⊘ ▲ ⊘ ▲ ✱ ▼ ▼ C ▲ ✱ ▼ ▼ ▼ C ✱ ⧗ ∝ ∝ ∝ ∝ ∝ ∝ ∝ ∝
Numbers refer to DMC colours.	Cross Stitch using two strands
of one colour. L 452 (pale slate)
⏷ 472 (lightest green)
✧ 676 (mustard)
⧓ 611 (green-brown)
⊘ 612 (fawn)
∝ 725 (yellow)
✦ 3021 (dark brown)
■ 3371 (very dark brown)	Cross stitch using one strand of each of two colours. I 453 and White
⅄ 472 and 725
∩ 471 and 3053
✱ 469 and 3052
ↄ 729 and 782
≡ 772 and 928
▲ 780 and 869
● 934 and 3021
▼ 936 and 3011
⧗ 926 and 3052
◆ 927 and 3053	Cross stitch using one strand.
⌒ 341 (light blue)
II 926 (dark grey-blue)
− 927 (grey-blue)
ʃ 928 (pale grey-blue)
○ 3747 (pale blue)
• White
